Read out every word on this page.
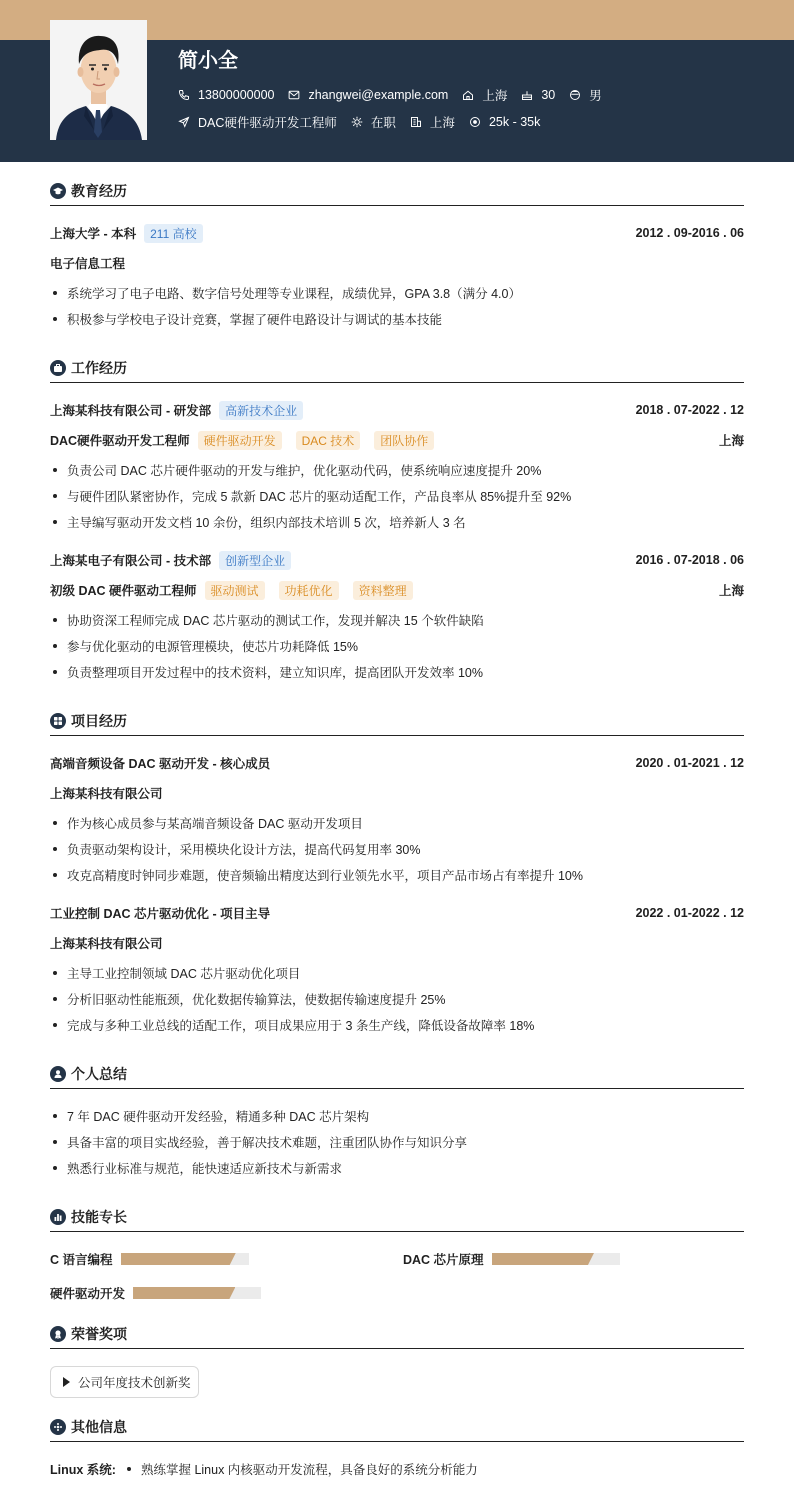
简小全
13800000000	zhangwei@example.com	上海	30	男
DAC硬件驱动开发工程师	在职	上海	25k - 35k
教育经历
上海大学 - 本科	211 高校	2012 . 09-2016 . 06
电子信息工程
系统学习了电子电路、数字信号处理等专业课程，成绩优异，GPA 3.8（满分 4.0）
积极参与学校电子设计竞赛，掌握了硬件电路设计与调试的基本技能
工作经历
上海某科技有限公司 - 研发部	高新技术企业	2018 . 07-2022 . 12
DAC硬件驱动开发工程师	硬件驱动开发	DAC 技术	团队协作	上海
负责公司 DAC 芯片硬件驱动的开发与维护，优化驱动代码，使系统响应速度提升 20%
与硬件团队紧密协作，完成 5 款新 DAC 芯片的驱动适配工作，产品良率从 85%提升至 92%
主导编写驱动开发文档 10 余份，组织内部技术培训 5 次，培养新人 3 名
上海某电子有限公司 - 技术部	创新型企业	2016 . 07-2018 . 06
初级 DAC 硬件驱动工程师	驱动测试	功耗优化	资料整理	上海
协助资深工程师完成 DAC 芯片驱动的测试工作，发现并解决 15 个软件缺陷
参与优化驱动的电源管理模块，使芯片功耗降低 15%
负责整理项目开发过程中的技术资料，建立知识库，提高团队开发效率 10%
项目经历
高端音频设备 DAC 驱动开发 - 核心成员	2020 . 01-2021 . 12
上海某科技有限公司
作为核心成员参与某高端音频设备 DAC 驱动开发项目
负责驱动架构设计，采用模块化设计方法，提高代码复用率 30%
攻克高精度时钟同步难题，使音频输出精度达到行业领先水平，项目产品市场占有率提升 10%
工业控制 DAC 芯片驱动优化 - 项目主导	2022 . 01-2022 . 12
上海某科技有限公司
主导工业控制领域 DAC 芯片驱动优化项目
分析旧驱动性能瓶颈，优化数据传输算法，使数据传输速度提升 25%
完成与多种工业总线的适配工作，项目成果应用于 3 条生产线，降低设备故障率 18%
个人总结
7 年 DAC 硬件驱动开发经验，精通多种 DAC 芯片架构
具备丰富的项目实战经验，善于解决技术难题，注重团队协作与知识分享
熟悉行业标准与规范，能快速适应新技术与新需求
技能专长
C 语言编程	DAC 芯片原理
硬件驱动开发
荣誉奖项
公司年度技术创新奖
其他信息
Linux 系统:	熟练掌握 Linux 内核驱动开发流程，具备良好的系统分析能力
